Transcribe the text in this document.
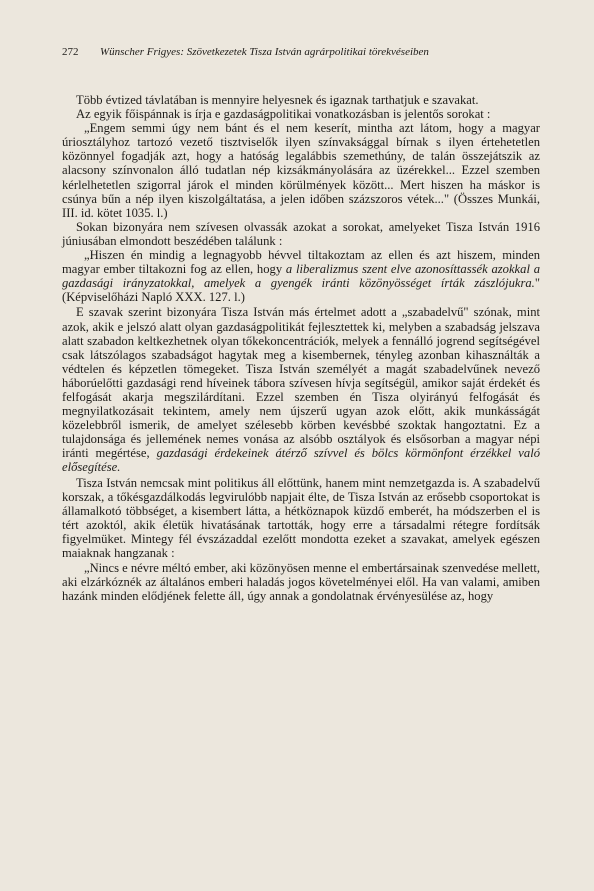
272 Wünscher Frigyes: Szövetkezetek Tisza István agrárpolitikai törekvéseiben

Több évtized távlatában is mennyire helyesnek és igaznak tarthatjuk e szavakat.

Az egyik főispánnak is írja e gazdaságpolitikai vonatkozásban is jelentős sorokat :

„Engem semmi úgy nem bánt és el nem keserít, mintha azt látom, hogy a magyar úriosztályhoz tartozó vezető tisztviselők ilyen színvaksággal bírnak s ilyen értehetetlen közönnyel fogadják azt, hogy a hatóság legalábbis szemethúny, de talán összejátszik az alacsony színvonalon álló tudatlan nép kizsákmányolására az üzérekkel... Ezzel szemben kérlelhetetlen szigorral járok el minden körülmények között... Mert hiszen ha máskor is csúnya bűn a nép ilyen kiszolgáltatása, a jelen időben százszoros vétek..." (Összes Munkái, III. id. kötet 1035. l.)

Sokan bizonyára nem szívesen olvassák azokat a sorokat, amelyeket Tisza István 1916 júniusában elmondott beszédében találunk :

„Hiszen én mindig a legnagyobb hévvel tiltakoztam az ellen és azt hiszem, minden magyar ember tiltakozni fog az ellen, hogy a liberalizmus szent elve azonosíttassék azokkal a gazdasági irányzatokkal, amelyek a gyengék iránti közönyösséget írták zászlójukra." (Képviselőházi Napló XXX. 127. l.)

E szavak szerint bizonyára Tisza István más értelmet adott a „szabadelvű" szónak, mint azok, akik e jelszó alatt olyan gazdaságpolitikát fejlesztettek ki, melyben a szabadság jelszava alatt szabadon keltkezhetnek olyan tőkekoncentrációk, melyek a fennálló jogrend segítségével csak látszólagos szabadságot hagytak meg a kisembernek, tényleg azonban kihasználták a védtelen és képzetlen tömegeket. Tisza István személyét a magát szabadelvűnek nevező háborúelőtti gazdasági rend híveinek tábora szívesen hívja segítségül, amikor saját érdekét és felfogását akarja megszilárdítani. Ezzel szemben én Tisza olyirányú felfogását és megnyilatkozásait tekintem, amely nem újszerű ugyan azok előtt, akik munkásságát közelebbről ismerik, de amelyet szélesebb körben kevésbbé szoktak hangoztatni. Ez a tulajdonsága és jellemének nemes vonása az alsóbb osztályok és elsősorban a magyar népi iránti megértése, gazdasági érdekeinek átérző szívvel és bölcs körmönfont érzékkel való elősegítése.

Tisza István nemcsak mint politikus áll előttünk, hanem mint nemzetgazda is. A szabadelvű korszak, a tőkésgazdálkodás legvirulóbb napjait élte, de Tisza István az erősebb csoportokat is államalkotó többséget, a kisembert látta, a hétköznapok küzdő emberét, ha módszerben el is tért azoktól, akik életük hivatásának tartották, hogy erre a társadalmi rétegre fordítsák figyelmüket. Mintegy fél évszázaddal ezelőtt mondotta ezeket a szavakat, amelyek egészen maiaknak hangzanak :

„Nincs e névre méltó ember, aki közönyösen menne el embertársainak szenvedése mellett, aki elzárkóznék az általános emberi haladás jogos követelményei elől. Ha van valami, amiben hazánk minden elődjének felette áll, úgy annak a gondolatnak érvényesülése az, hogy
